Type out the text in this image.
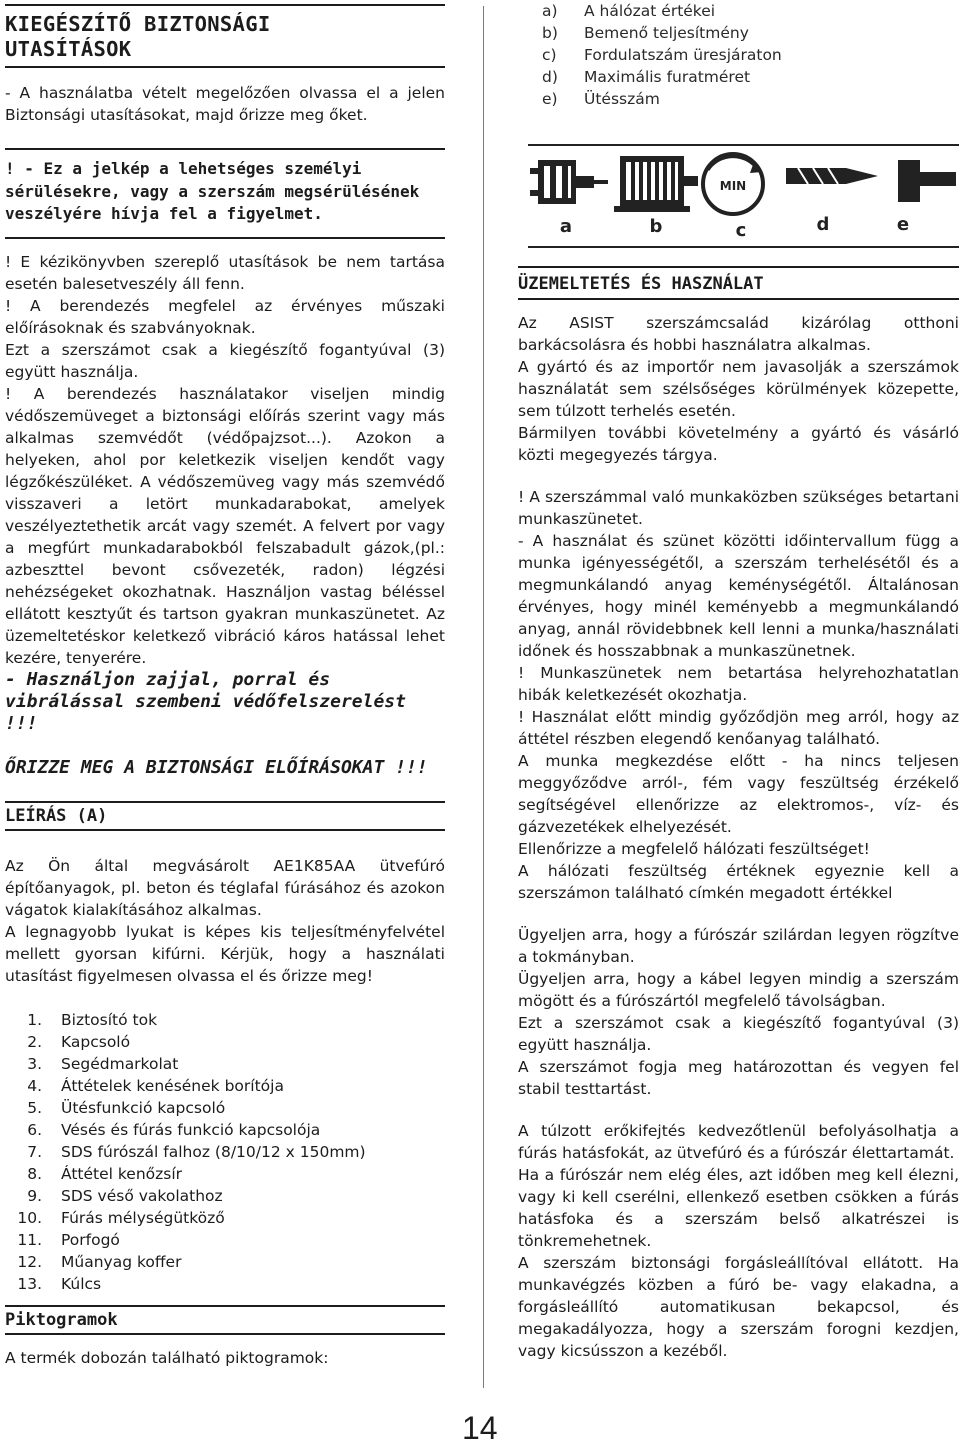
KIEGÉSZÍTŐ BIZTONSÁGI
UTASÍTÁSOK

- A használatba vételt megelőzően olvassa el a jelen Biztonsági utasításokat, majd őrizze meg őket.

! - Ez a jelkép a lehetséges személyi sérülésekre, vagy a szerszám megsérülésének veszélyére hívja fel a figyelmet.

! E kézikönyvben szereplő utasítások be nem tartása esetén balesetveszély áll fenn.

! A berendezés megfelel az érvényes műszaki előírásoknak és szabványoknak.

Ezt a szerszámot csak a kiegészítő fogantyúval (3) együtt használja.

! A berendezés használatakor viseljen mindig védőszemüveget a biztonsági előírás szerint vagy más alkalmas szemvédőt (védőpajzsot...). Azokon a helyeken, ahol por keletkezik viseljen kendőt vagy légzőkészüléket. A védőszemüveg vagy más szemvédő visszaveri a letört munkadarabokat, amelyek veszélyeztethetik arcát vagy szemét. A felvert por vagy a megfúrt munkadarabokból felszabadult gázok,(pl.: azbeszttel bevont csővezeték, radon) légzési nehézségeket okozhatnak. Használjon vastag béléssel ellátott kesztyűt és tartson gyakran munkaszünetet. Az üzemeltetéskor keletkező vibráció káros hatással lehet kezére, tenyerére.

- Használjon zajjal, porral és vibrálással szembeni védőfelszerelést !!!

ŐRIZZE MEG A BIZTONSÁGI ELŐÍRÁSOKAT !!!

LEÍRÁS (A)

Az Ön által megvásárolt AE1K85AA ütvefúró építőanyagok, pl. beton és téglafal fúrásához és azokon vágatok kialakításához alkalmas.

A legnagyobb lyukat is képes kis teljesítményfelvétel mellett gyorsan kifúrni. Kérjük, hogy a használati utasítást figyelmesen olvassa el és őrizze meg!

1. Biztosító tok
2. Kapcsoló
3. Segédmarkolat
4. Áttételek kenésének borítója
5. Ütésfunkció kapcsoló
6. Vésés és fúrás funkció kapcsolója
7. SDS fúrószál falhoz (8/10/12 x 150mm)
8. Áttétel kenőzsír
9. SDS véső vakolathoz
10. Fúrás mélységütköző
11. Porfogó
12. Műanyag koffer
13. Kúlcs
Piktogramok

A termék dobozán található piktogramok:

a)	A hálózat értékei
b)	Bemenő teljesítmény
c)	Fordulatszám üresjáraton
d)	Maximális furatméret
e)	Ütésszám
MIN
a	b	c	d	e
ÜZEMELTETÉS ÉS HASZNÁLAT

Az ASIST szerszámcsalád kizárólag otthoni barkácsolásra és hobbi használatra alkalmas.

A gyártó és az importőr nem javasolják a szerszámok használatát sem szélsőséges körülmények közepette, sem túlzott terhelés esetén.

Bármilyen további követelmény a gyártó és vásárló közti megegyezés tárgya.

! A szerszámmal való munkaközben szükséges betartani munkaszünetet.

- A használat és szünet közötti időintervallum függ a munka igényességétől, a szerszám terhelésétől és a megmunkálandó anyag keménységétől. Általánosan érvényes, hogy minél keményebb a megmunkálandó anyag, annál rövidebbnek kell lenni a munka/használati időnek és hosszabbnak a munkaszünetnek.

! Munkaszünetek nem betartása helyrehozhatatlan hibák keletkezését okozhatja.

! Használat előtt mindig győződjön meg arról, hogy az áttétel részben elegendő kenőanyag található.

A munka megkezdése előtt - ha nincs teljesen meggyőződve arról-, fém vagy feszültség érzékelő segítségével ellenőrizze az elektromos-, víz- és gázvezetékek elhelyezését.

Ellenőrizze a megfelelő hálózati feszültséget!

A hálózati feszültség értéknek egyeznie kell a szerszámon található címkén megadott értékkel

Ügyeljen arra, hogy a fúrószár szilárdan legyen rögzítve a tokmányban.

Ügyeljen arra, hogy a kábel legyen mindig a szerszám mögött és a fúrószártól megfelelő távolságban.

Ezt a szerszámot csak a kiegészítő fogantyúval (3) együtt használja.

A szerszámot fogja meg határozottan és vegyen fel stabil testtartást.

A túlzott erőkifejtés kedvezőtlenül befolyásolhatja a fúrás hatásfokát, az ütvefúró és a fúrószár élettartamát.

Ha a fúrószár nem elég éles, azt időben meg kell élezni, vagy ki kell cserélni, ellenkező esetben csökken a fúrás hatásfoka és a szerszám belső alkatrészei is tönkremehetnek.

A szerszám biztonsági forgásleállítóval ellátott. Ha munkavégzés közben a fúró be- vagy elakadna, a forgásleállító automatikusan bekapcsol, és megakadályozza, hogy a szerszám forogni kezdjen, vagy kicsússzon a kezéből.

14
